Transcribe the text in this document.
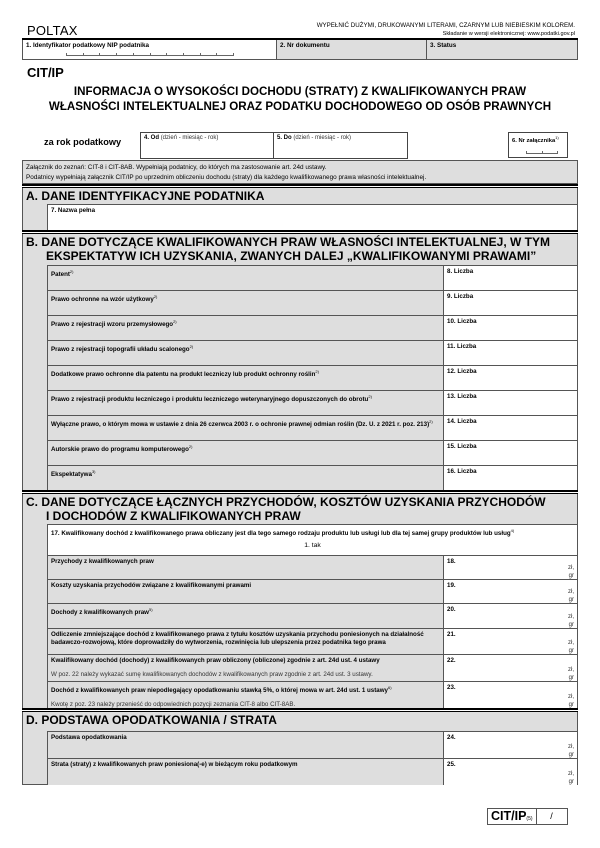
POLTAX	WYPEŁNIĆ DUŻYMI, DRUKOWANYMI LITERAMI, CZARNYM LUB NIEBIESKIM KOLOREM.
Składanie w wersji elektronicznej: www.podatki.gov.pl
1. Identyfikator podatkowy NIP podatnika	2. Nr dokumentu	3. Status
CIT/IP
INFORMACJA O WYSOKOŚCI DOCHODU (STRATY) Z KWALIFIKOWANYCH PRAW WŁASNOŚCI INTELEKTUALNEJ ORAZ PODATKU DOCHODOWEGO OD OSÓB PRAWNYCH
za rok podatkowy	4. Od (dzień - miesiąc - rok)	5. Do (dzień - miesiąc - rok)	6. Nr załącznika$^{1)}$
Załącznik do zeznań: CIT-8 i CIT-8AB. Wypełniają podatnicy, do których ma zastosowanie art. 24d ustawy.
Podatnicy wypełniają załącznik CIT/IP po uprzednim obliczeniu dochodu (straty) dla każdego kwalifikowanego prawa własności intelektualnej.
A. DANE IDENTYFIKACYJNE PODATNIKA
7. Nazwa pełna
B. DANE DOTYCZĄCE KWALIFIKOWANYCH PRAW WŁASNOŚCI INTELEKTUALNEJ, W TYM
EKSPEKTATYW ICH UZYSKANIA, ZWANYCH DALEJ „KWALIFIKOWANYMI PRAWAMI”
Patent$^{2)}$	8. Liczba
Prawo ochronne na wzór użytkowy$^{2)}$	9. Liczba
Prawo z rejestracji wzoru przemysłowego$^{2)}$	10. Liczba
Prawo z rejestracji topografii układu scalonego$^{2)}$	11. Liczba
Dodatkowe prawo ochronne dla patentu na produkt leczniczy lub produkt ochronny roślin$^{2)}$	12. Liczba
Prawo z rejestracji produktu leczniczego i produktu leczniczego weterynaryjnego dopuszczonych do obrotu$^{2)}$	13. Liczba
Wyłączne prawo, o którym mowa w ustawie z dnia 26 czerwca 2003 r. o ochronie prawnej odmian roślin (Dz. U. z 2021 r. poz. 213)$^{2)}$	14. Liczba
Autorskie prawo do programu komputerowego$^{2)}$	15. Liczba
Ekspektatywa$^{3)}$	16. Liczba
C. DANE DOTYCZĄCE ŁĄCZNYCH PRZYCHODÓW, KOSZTÓW UZYSKANIA PRZYCHODÓW
I DOCHODÓW Z KWALIFIKOWANYCH PRAW
17. Kwalifikowany dochód z kwalifikowanego prawa obliczany jest dla tego samego rodzaju produktu lub usługi lub dla tej samej grupy produktów lub usług$^{4)}$
1. tak
Przychody z kwalifikowanych praw	18.
zł,
gr
Koszty uzyskania przychodów związane z kwalifikowanymi prawami	19.
zł,
gr
Dochody z kwalifikowanych praw$^{5)}$	20.
zł,
gr
Odliczenie zmniejszające dochód z kwalifikowanego prawa z tytułu kosztów uzyskania przychodu poniesionych na działalność badawczo-rozwojową, które doprowadziły do wytworzenia, rozwinięcia lub ulepszenia przez podatnika tego prawa
21.
zł,
gr
Kwalifikowany dochód (dochody) z kwalifikowanych praw obliczony (obliczone) zgodnie z art. 24d ust. 4 ustawy
W poz. 22 należy wykazać sumę kwalifikowanych dochodów z kwalifikowanych praw zgodnie z art. 24d ust. 3 ustawy.
22.
zł,
gr
Dochód z kwalifikowanych praw niepodlegający opodatkowaniu stawką 5%, o której mowa w art. 24d ust. 1 ustawy$^{6)}$
Kwotę z poz. 23 należy przenieść do odpowiednich pozycji zeznania CIT-8 albo CIT-8AB.
23.
zł,
gr
D. PODSTAWA OPODATKOWANIA / STRATA
Podstawa opodatkowania	24.
zł,
gr
Strata (straty) z kwalifikowanych praw poniesiona(-e) w bieżącym roku podatkowym	25.
zł,
gr
CIT/IP(5)	/
